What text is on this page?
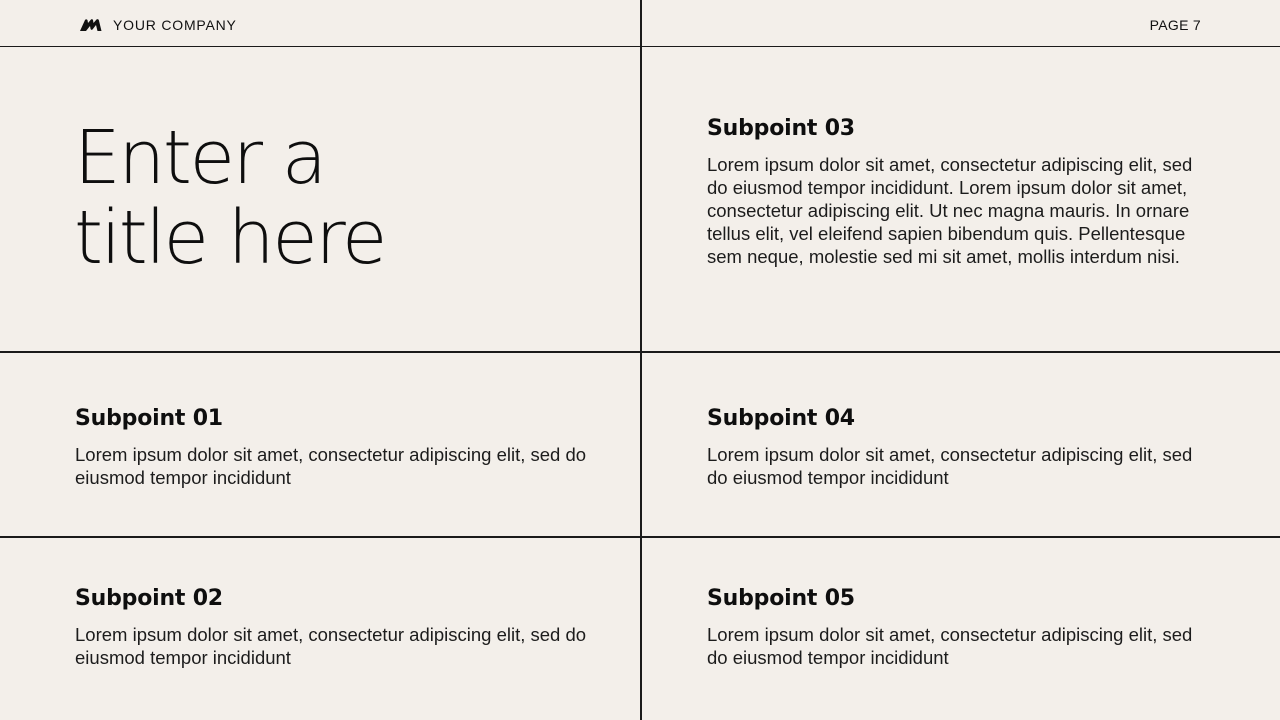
YOUR COMPANY	PAGE 7
Enter a
title here
Subpoint 03

Lorem ipsum dolor sit amet, consectetur adipiscing elit, sed do eiusmod tempor incididunt. Lorem ipsum dolor sit amet, consectetur adipiscing elit. Ut nec magna mauris. In ornare tellus elit, vel eleifend sapien bibendum quis. Pellentesque sem neque, molestie sed mi sit amet, mollis interdum nisi.

Subpoint 01

Lorem ipsum dolor sit amet, consectetur adipiscing elit, sed do eiusmod tempor incididunt

Subpoint 04

Lorem ipsum dolor sit amet, consectetur adipiscing elit, sed do eiusmod tempor incididunt

Subpoint 02

Lorem ipsum dolor sit amet, consectetur adipiscing elit, sed do eiusmod tempor incididunt

Subpoint 05

Lorem ipsum dolor sit amet, consectetur adipiscing elit, sed do eiusmod tempor incididunt
